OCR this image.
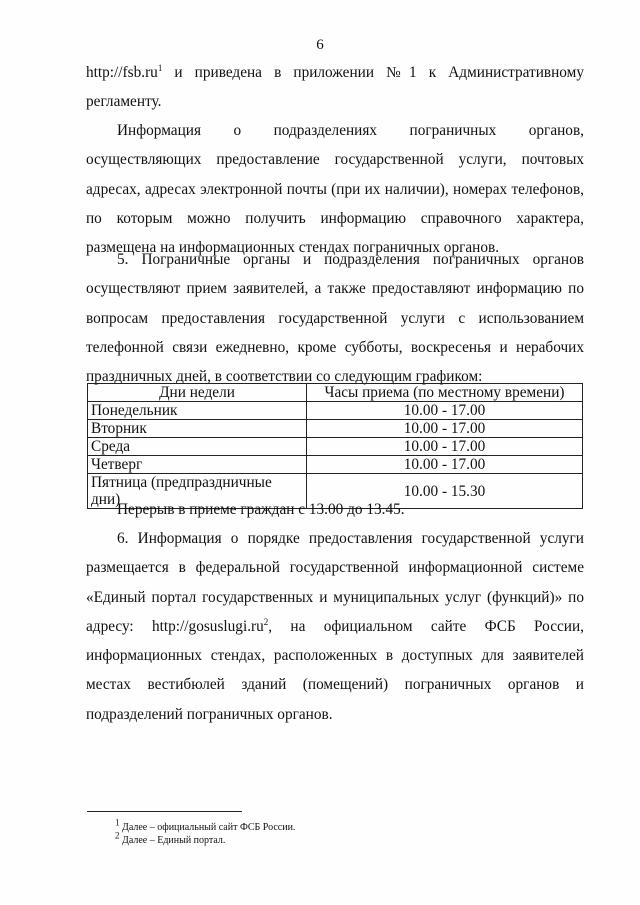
6
$http://fsb.ru^1$ и приведена в приложении №1 к Административному
регламенту.
Информация о подразделениях пограничных органов, осуществляющих предоставление государственной услуги, почтовых адресах, адресах электронной почты (при их наличии), номерах телефонов, по которым можно получить информацию справочного характера, размещена на информационных стендах пограничных органов.
5. Пограничные органы и подразделения пограничных органов осуществляют прием заявителей, а также предоставляют информацию по вопросам предоставления государственной услуги с использованием телефонной связи ежедневно, кроме субботы, воскресенья и нерабочих праздничных дней, в соответствии со следующим графиком:
Дни недели	Часы приема (по местному времени)
Понедельник	10.00 - 17.00
Вторник	10.00 - 17.00
Среда	10.00 - 17.00
Четверг	10.00 - 17.00
Пятница (предпраздничные дни)	10.00 - 15.30
Перерыв в приеме граждан с 13.00 до 13.45.
6. Информация о порядке предоставления государственной услуги размещается в федеральной государственной информационной системе «Единый портал государственных и муниципальных услуг (функций)» по адресу: $http://gosuslugi.ru^2$, на официальном сайте ФСБ России, информационных стендах, расположенных в доступных для заявителей местах вестибюлей зданий (помещений) пограничных органов и подразделений пограничных органов.
$^1$ Далее – официальный сайт ФСБ России.
$^2$ Далее – Единый портал.
